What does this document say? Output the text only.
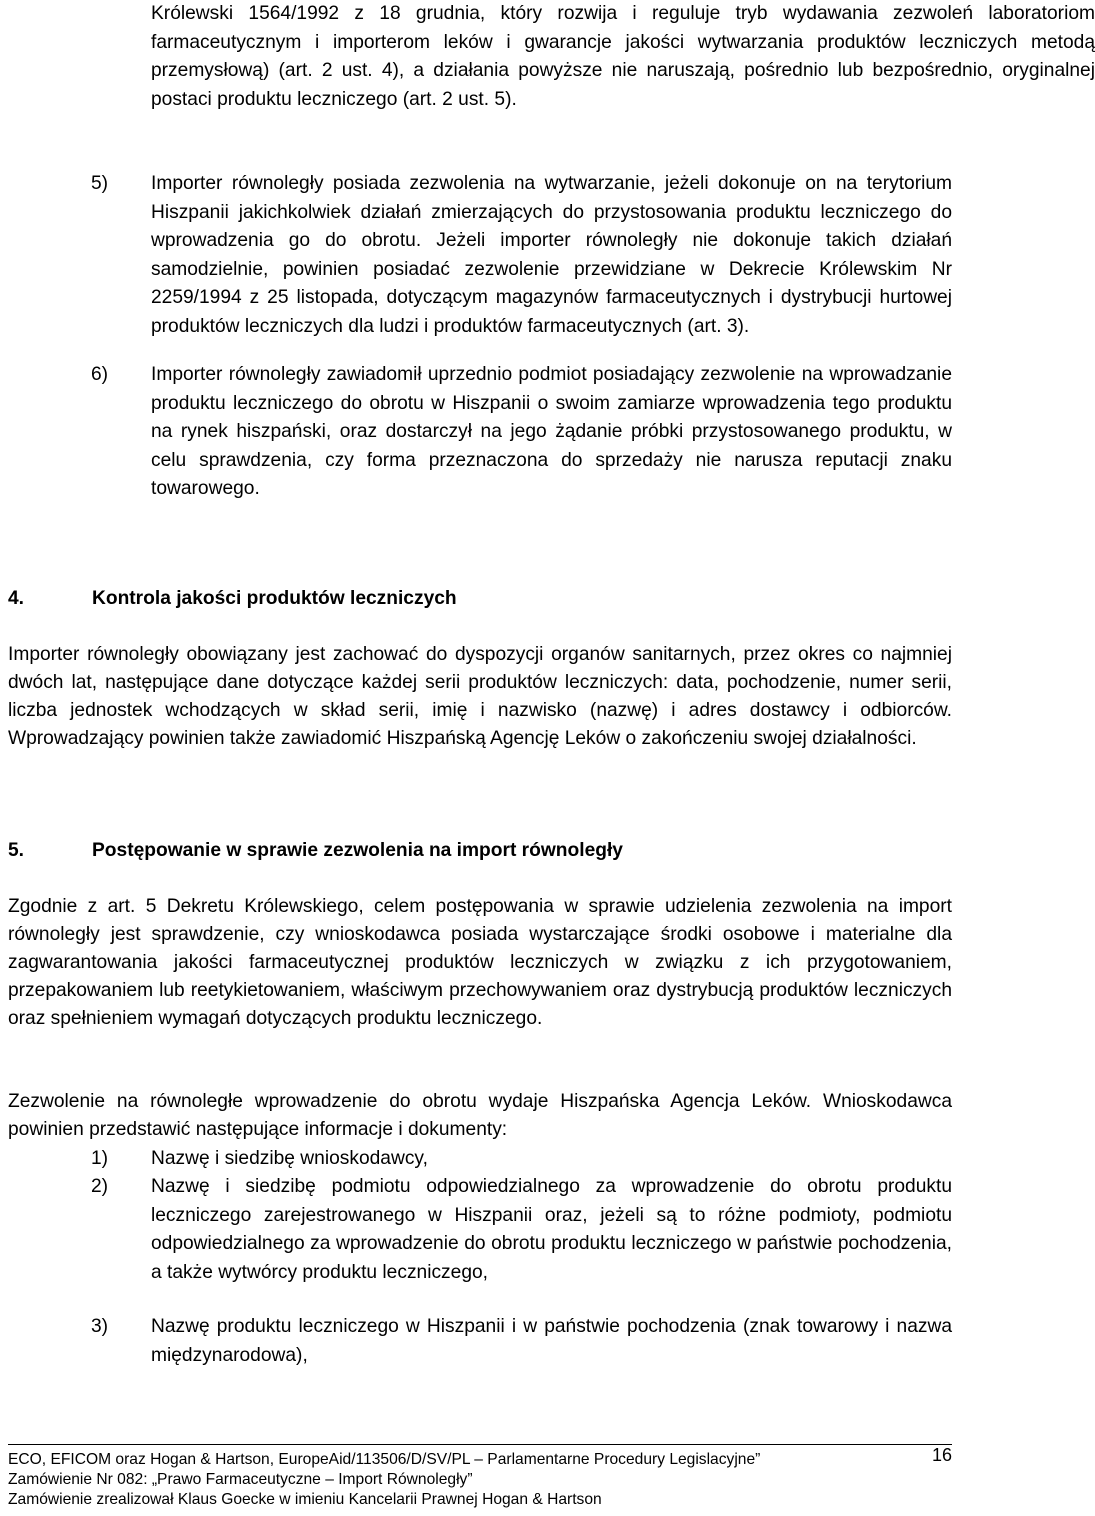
Królewski 1564/1992 z 18 grudnia, który rozwija i reguluje tryb wydawania zezwoleń laboratoriom farmaceutycznym i importerom leków i gwarancje jakości wytwarzania produktów leczniczych metodą przemysłową) (art. 2 ust. 4), a działania powyższe nie naruszają, pośrednio lub bezpośrednio, oryginalnej postaci produktu leczniczego (art. 2 ust. 5).
5) Importer równoległy posiada zezwolenia na wytwarzanie, jeżeli dokonuje on na terytorium Hiszpanii jakichkolwiek działań zmierzających do przystosowania produktu leczniczego do wprowadzenia go do obrotu. Jeżeli importer równoległy nie dokonuje takich działań samodzielnie, powinien posiadać zezwolenie przewidziane w Dekrecie Królewskim Nr 2259/1994 z 25 listopada, dotyczącym magazynów farmaceutycznych i dystrybucji hurtowej produktów leczniczych dla ludzi i produktów farmaceutycznych (art. 3).
6) Importer równoległy zawiadomił uprzednio podmiot posiadający zezwolenie na wprowadzanie produktu leczniczego do obrotu w Hiszpanii o swoim zamiarze wprowadzenia tego produktu na rynek hiszpański, oraz dostarczył na jego żądanie próbki przystosowanego produktu, w celu sprawdzenia, czy forma przeznaczona do sprzedaży nie narusza reputacji znaku towarowego.
4.	Kontrola jakości produktów leczniczych
Importer równoległy obowiązany jest zachować do dyspozycji organów sanitarnych, przez okres co najmniej dwóch lat, następujące dane dotyczące każdej serii produktów leczniczych: data, pochodzenie, numer serii, liczba jednostek wchodzących w skład serii, imię i nazwisko (nazwę) i adres dostawcy i odbiorców. Wprowadzający powinien także zawiadomić Hiszpańską Agencję Leków o zakończeniu swojej działalności.
5.	Postępowanie w sprawie zezwolenia na import równoległy
Zgodnie z art. 5 Dekretu Królewskiego, celem postępowania w sprawie udzielenia zezwolenia na import równoległy jest sprawdzenie, czy wnioskodawca posiada wystarczające środki osobowe i materialne dla zagwarantowania jakości farmaceutycznej produktów leczniczych w związku z ich przygotowaniem, przepakowaniem lub reetykietowaniem, właściwym przechowywaniem oraz dystrybucją produktów leczniczych oraz spełnieniem wymagań dotyczących produktu leczniczego.
Zezwolenie na równoległe wprowadzenie do obrotu wydaje Hiszpańska Agencja Leków. Wnioskodawca powinien przedstawić następujące informacje i dokumenty:
1) Nazwę i siedzibę wnioskodawcy,
2) Nazwę i siedzibę podmiotu odpowiedzialnego za wprowadzenie do obrotu produktu leczniczego zarejestrowanego w Hiszpanii oraz, jeżeli są to różne podmioty, podmiotu odpowiedzialnego za wprowadzenie do obrotu produktu leczniczego w państwie pochodzenia, a także wytwórcy produktu leczniczego,
3) Nazwę produktu leczniczego w Hiszpanii i w państwie pochodzenia (znak towarowy i nazwa międzynarodowa),
ECO, EFICOM oraz Hogan & Hartson, EuropeAid/113506/D/SV/PL – Parlamentarne Procedury Legislacyjne”
Zamówienie Nr 082: „Prawo Farmaceutyczne – Import Równoległy”
Zamówienie zrealizował Klaus Goecke w imieniu Kancelarii Prawnej Hogan & Hartson
16
